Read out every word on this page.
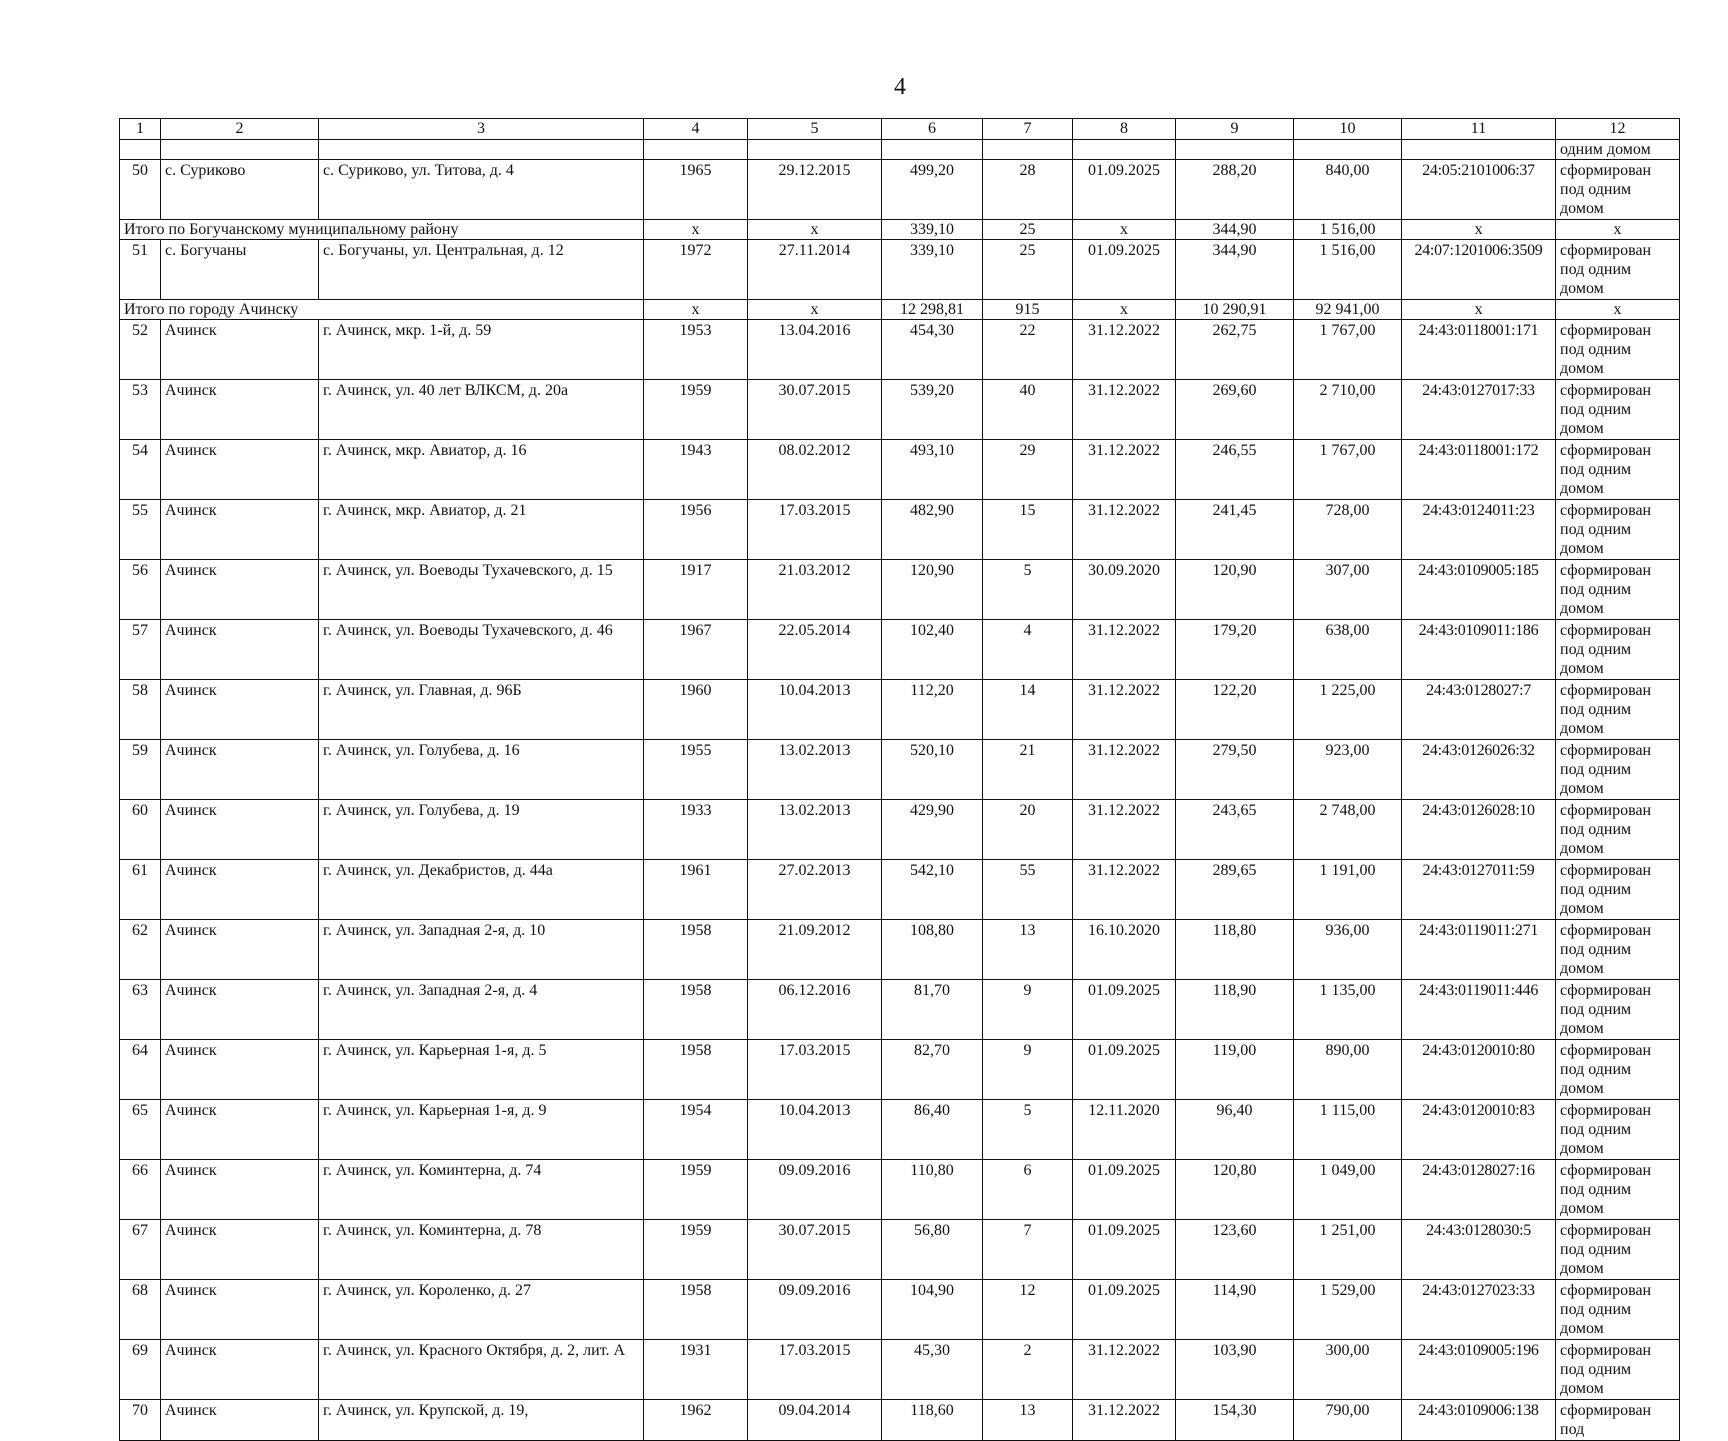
4
1	2	3	4	5	6	7	8	9	10	11	12
											одним домом
50	с. Суриково	с. Суриково, ул. Титова, д. 4	1965	29.12.2015	499,20	28	01.09.2025	288,20	840,00	24:05:2101006:37	сформирован под одним домом
Итого по Богучанскому муниципальному району			х	х	339,10	25	х	344,90	1 516,00	х	х
51	с. Богучаны	с. Богучаны, ул. Центральная, д. 12	1972	27.11.2014	339,10	25	01.09.2025	344,90	1 516,00	24:07:1201006:3509	сформирован под одним домом
Итого по городу Ачинску			х	х	12 298,81	915	х	10 290,91	92 941,00	х	х
52	Ачинск	г. Ачинск, мкр. 1-й, д. 59	1953	13.04.2016	454,30	22	31.12.2022	262,75	1 767,00	24:43:0118001:171	сформирован под одним домом
53	Ачинск	г. Ачинск, ул. 40 лет ВЛКСМ, д. 20а	1959	30.07.2015	539,20	40	31.12.2022	269,60	2 710,00	24:43:0127017:33	сформирован под одним домом
54	Ачинск	г. Ачинск, мкр. Авиатор, д. 16	1943	08.02.2012	493,10	29	31.12.2022	246,55	1 767,00	24:43:0118001:172	сформирован под одним домом
55	Ачинск	г. Ачинск, мкр. Авиатор, д. 21	1956	17.03.2015	482,90	15	31.12.2022	241,45	728,00	24:43:0124011:23	сформирован под одним домом
56	Ачинск	г. Ачинск, ул. Воеводы Тухачевского, д. 15	1917	21.03.2012	120,90	5	30.09.2020	120,90	307,00	24:43:0109005:185	сформирован под одним домом
57	Ачинск	г. Ачинск, ул. Воеводы Тухачевского, д. 46	1967	22.05.2014	102,40	4	31.12.2022	179,20	638,00	24:43:0109011:186	сформирован под одним домом
58	Ачинск	г. Ачинск, ул. Главная, д. 96Б	1960	10.04.2013	112,20	14	31.12.2022	122,20	1 225,00	24:43:0128027:7	сформирован под одним домом
59	Ачинск	г. Ачинск, ул. Голубева, д. 16	1955	13.02.2013	520,10	21	31.12.2022	279,50	923,00	24:43:0126026:32	сформирован под одним домом
60	Ачинск	г. Ачинск, ул. Голубева, д. 19	1933	13.02.2013	429,90	20	31.12.2022	243,65	2 748,00	24:43:0126028:10	сформирован под одним домом
61	Ачинск	г. Ачинск, ул. Декабристов, д. 44а	1961	27.02.2013	542,10	55	31.12.2022	289,65	1 191,00	24:43:0127011:59	сформирован под одним домом
62	Ачинск	г. Ачинск, ул. Западная 2-я, д. 10	1958	21.09.2012	108,80	13	16.10.2020	118,80	936,00	24:43:0119011:271	сформирован под одним домом
63	Ачинск	г. Ачинск, ул. Западная 2-я, д. 4	1958	06.12.2016	81,70	9	01.09.2025	118,90	1 135,00	24:43:0119011:446	сформирован под одним домом
64	Ачинск	г. Ачинск, ул. Карьерная 1-я, д. 5	1958	17.03.2015	82,70	9	01.09.2025	119,00	890,00	24:43:0120010:80	сформирован под одним домом
65	Ачинск	г. Ачинск, ул. Карьерная 1-я, д. 9	1954	10.04.2013	86,40	5	12.11.2020	96,40	1 115,00	24:43:0120010:83	сформирован под одним домом
66	Ачинск	г. Ачинск, ул. Коминтерна, д. 74	1959	09.09.2016	110,80	6	01.09.2025	120,80	1 049,00	24:43:0128027:16	сформирован под одним домом
67	Ачинск	г. Ачинск, ул. Коминтерна, д. 78	1959	30.07.2015	56,80	7	01.09.2025	123,60	1 251,00	24:43:0128030:5	сформирован под одним домом
68	Ачинск	г. Ачинск, ул. Короленко, д. 27	1958	09.09.2016	104,90	12	01.09.2025	114,90	1 529,00	24:43:0127023:33	сформирован под одним домом
69	Ачинск	г. Ачинск, ул. Красного Октября, д. 2, лит. А	1931	17.03.2015	45,30	2	31.12.2022	103,90	300,00	24:43:0109005:196	сформирован под одним домом
70	Ачинск	г. Ачинск, ул. Крупской, д. 19,	1962	09.04.2014	118,60	13	31.12.2022	154,30	790,00	24:43:0109006:138	сформирован под
